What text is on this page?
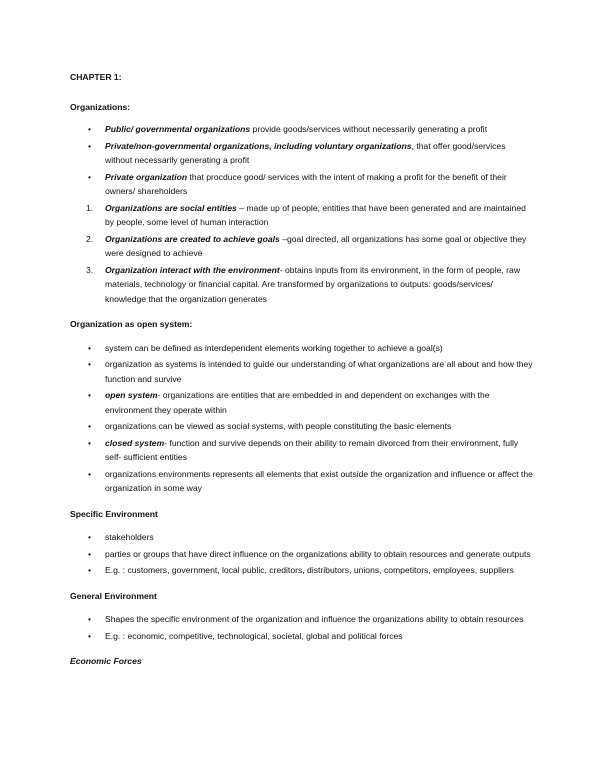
CHAPTER 1:

Organizations:

•	Public/ governmental organizations provide goods/services without necessarily generating a profit
•	Private/non-governmental organizations, including voluntary organizations, that offer good/services without necessarily generating a profit
•	Private organization that procduce good/ services with the intent of making a profit for the benefit of their owners/ shareholders
1.	Organizations are social entities – made up of people, entities that have been generated and are maintained by people, some level of human interaction
2.	Organizations are created to achieve goals –goal directed, all organizations has some goal or objective they were designed to achieve
3.	Organization interact with the environment- obtains inputs from its environment, in the form of people, raw materials, technology or financial capital. Are transformed by organizations to outputs: goods/services/ knowledge that the organization generates

Organization as open system:

•	system can be defined as interdependent elements working together to achieve a goal(s)
•	organization as systems is intended to guide our understanding of what organizations are all about and how they function and survive
•	open system- organizations are entities that are embedded in and dependent on exchanges with the environment they operate within
•	organizations can be viewed as social systems, with people constituting the basic elements
•	closed system- function and survive depends on their ability to remain divorced from their environment, fully self- sufficient entities
•	organizations environments represents all elements that exist outside the organization and influence or affect the organization in some way

Specific Environment

•	stakeholders
•	parties or groups that have direct influence on the organizations ability to obtain resources and generate outputs
•	E.g. : customers, government, local public, creditors, distributors, unions, competitors, employees, suppliers

General Environment

•	Shapes the specific environment of the organization and influence the organizations ability to obtain resources
•	E.g. : economic, competitive, technological, societal, global and political forces

Economic Forces
